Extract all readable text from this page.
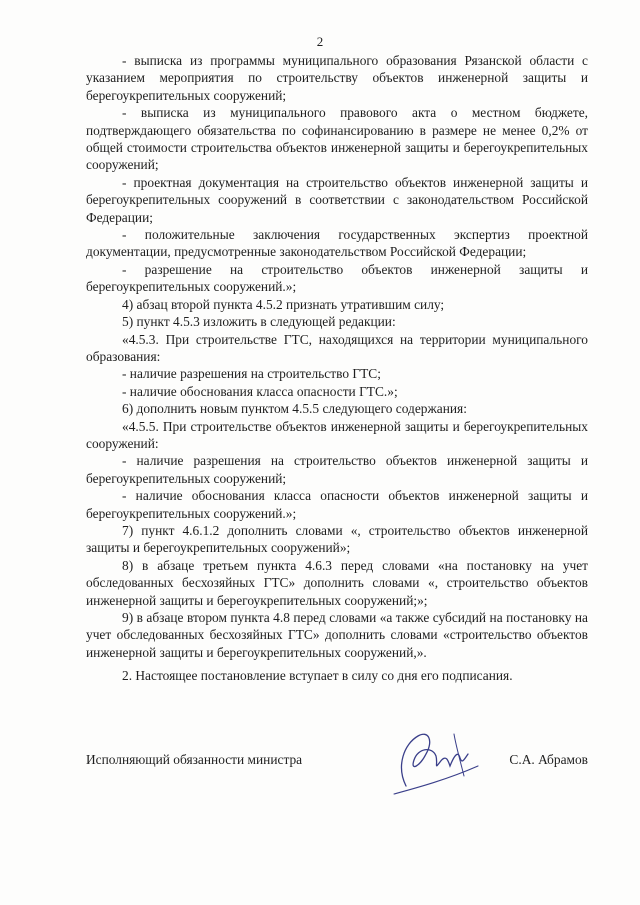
2

- выписка из программы муниципального образования Рязанской области с указанием мероприятия по строительству объектов инженерной защиты и берегоукрепительных сооружений;

- выписка из муниципального правового акта о местном бюджете, подтверждающего обязательства по софинансированию в размере не менее 0,2% от общей стоимости строительства объектов инженерной защиты и берегоукрепительных сооружений;

- проектная документация на строительство объектов инженерной защиты и берегоукрепительных сооружений в соответствии с законодательством Российской Федерации;

- положительные заключения государственных экспертиз проектной документации, предусмотренные законодательством Российской Федерации;

- разрешение на строительство объектов инженерной защиты и берегоукрепительных сооружений.»;

4) абзац второй пункта 4.5.2 признать утратившим силу;

5) пункт 4.5.3 изложить в следующей редакции:

«4.5.3. При строительстве ГТС, находящихся на территории муниципального образования:

- наличие разрешения на строительство ГТС;

- наличие обоснования класса опасности ГТС.»;

6) дополнить новым пунктом 4.5.5 следующего содержания:

«4.5.5. При строительстве объектов инженерной защиты и берегоукрепительных сооружений:

- наличие разрешения на строительство объектов инженерной защиты и берегоукрепительных сооружений;

- наличие обоснования класса опасности объектов инженерной защиты и берегоукрепительных сооружений.»;

7) пункт 4.6.1.2 дополнить словами «, строительство объектов инженерной защиты и берегоукрепительных сооружений»;

8) в абзаце третьем пункта 4.6.3 перед словами «на постановку на учет обследованных бесхозяйных ГТС» дополнить словами «, строительство объектов инженерной защиты и берегоукрепительных сооружений;»;

9) в абзаце втором пункта 4.8 перед словами «а также субсидий на постановку на учет обследованных бесхозяйных ГТС» дополнить словами «строительство объектов инженерной защиты и берегоукрепительных сооружений,».

2. Настоящее постановление вступает в силу со дня его подписания.

Исполняющий обязанности министра	С.А. Абрамов
